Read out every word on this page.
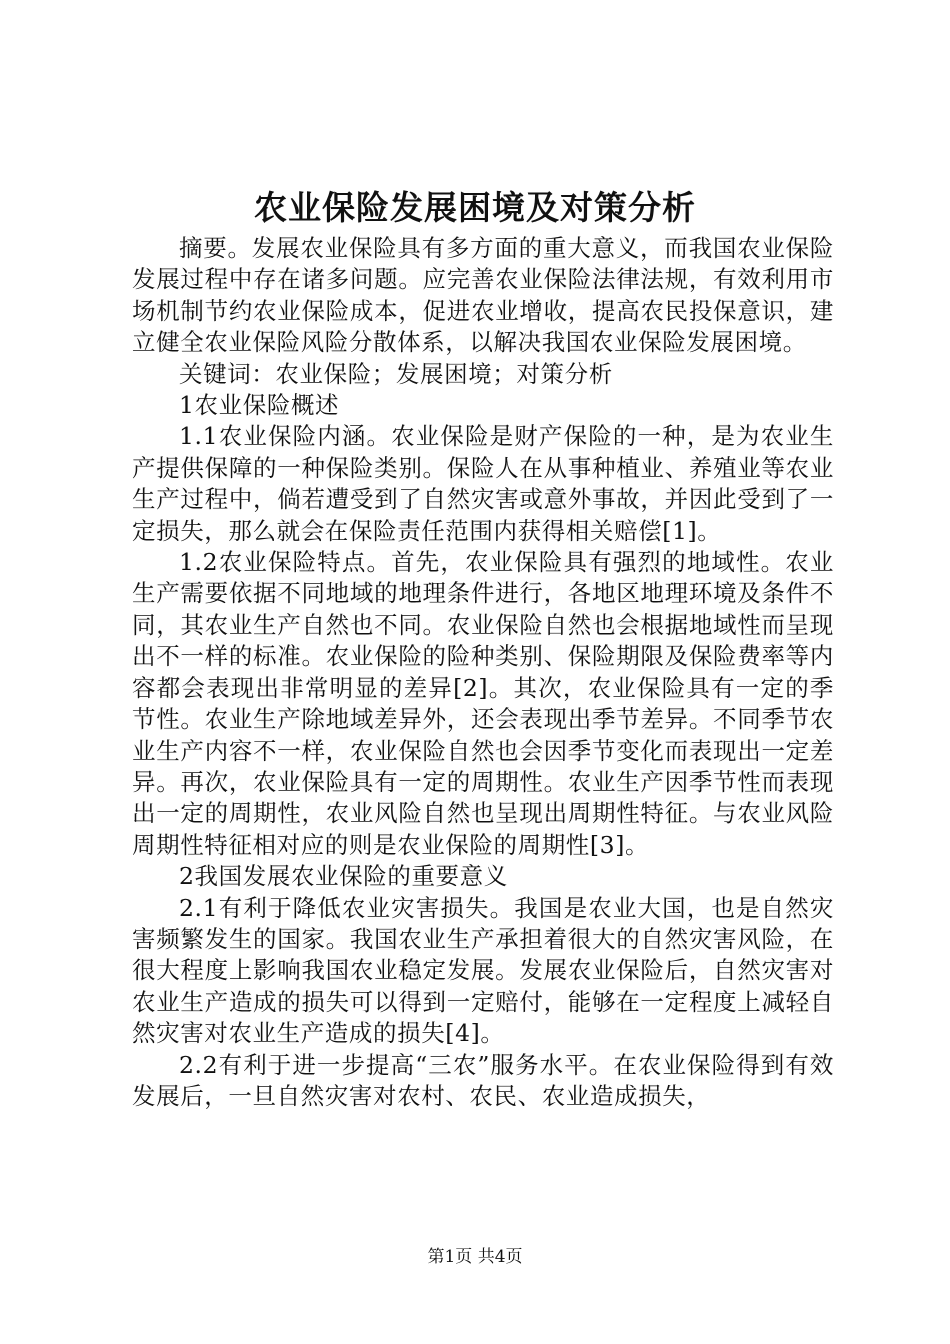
农业保险发展困境及对策分析

摘要。发展农业保险具有多方面的重大意义，而我国农业保险发展过程中存在诸多问题。应完善农业保险法律法规，有效利用市场机制节约农业保险成本，促进农业增收，提高农民投保意识，建立健全农业保险风险分散体系，以解决我国农业保险发展困境。

关键词：农业保险；发展困境；对策分析

1农业保险概述

1.1农业保险内涵。农业保险是财产保险的一种，是为农业生产提供保障的一种保险类别。保险人在从事种植业、养殖业等农业生产过程中，倘若遭受到了自然灾害或意外事故，并因此受到了一定损失，那么就会在保险责任范围内获得相关赔偿[1]。

1.2农业保险特点。首先，农业保险具有强烈的地域性。农业生产需要依据不同地域的地理条件进行，各地区地理环境及条件不同，其农业生产自然也不同。农业保险自然也会根据地域性而呈现出不一样的标准。农业保险的险种类别、保险期限及保险费率等内容都会表现出非常明显的差异[2]。其次，农业保险具有一定的季节性。农业生产除地域差异外，还会表现出季节差异。不同季节农业生产内容不一样，农业保险自然也会因季节变化而表现出一定差异。再次，农业保险具有一定的周期性。农业生产因季节性而表现出一定的周期性，农业风险自然也呈现出周期性特征。与农业风险周期性特征相对应的则是农业保险的周期性[3]。

2我国发展农业保险的重要意义

2.1有利于降低农业灾害损失。我国是农业大国，也是自然灾害频繁发生的国家。我国农业生产承担着很大的自然灾害风险，在很大程度上影响我国农业稳定发展。发展农业保险后，自然灾害对农业生产造成的损失可以得到一定赔付，能够在一定程度上减轻自然灾害对农业生产造成的损失[4]。

2.2有利于进一步提高“三农”服务水平。在农业保险得到有效发展后，一旦自然灾害对农村、农民、农业造成损失，

第1页 共4页
